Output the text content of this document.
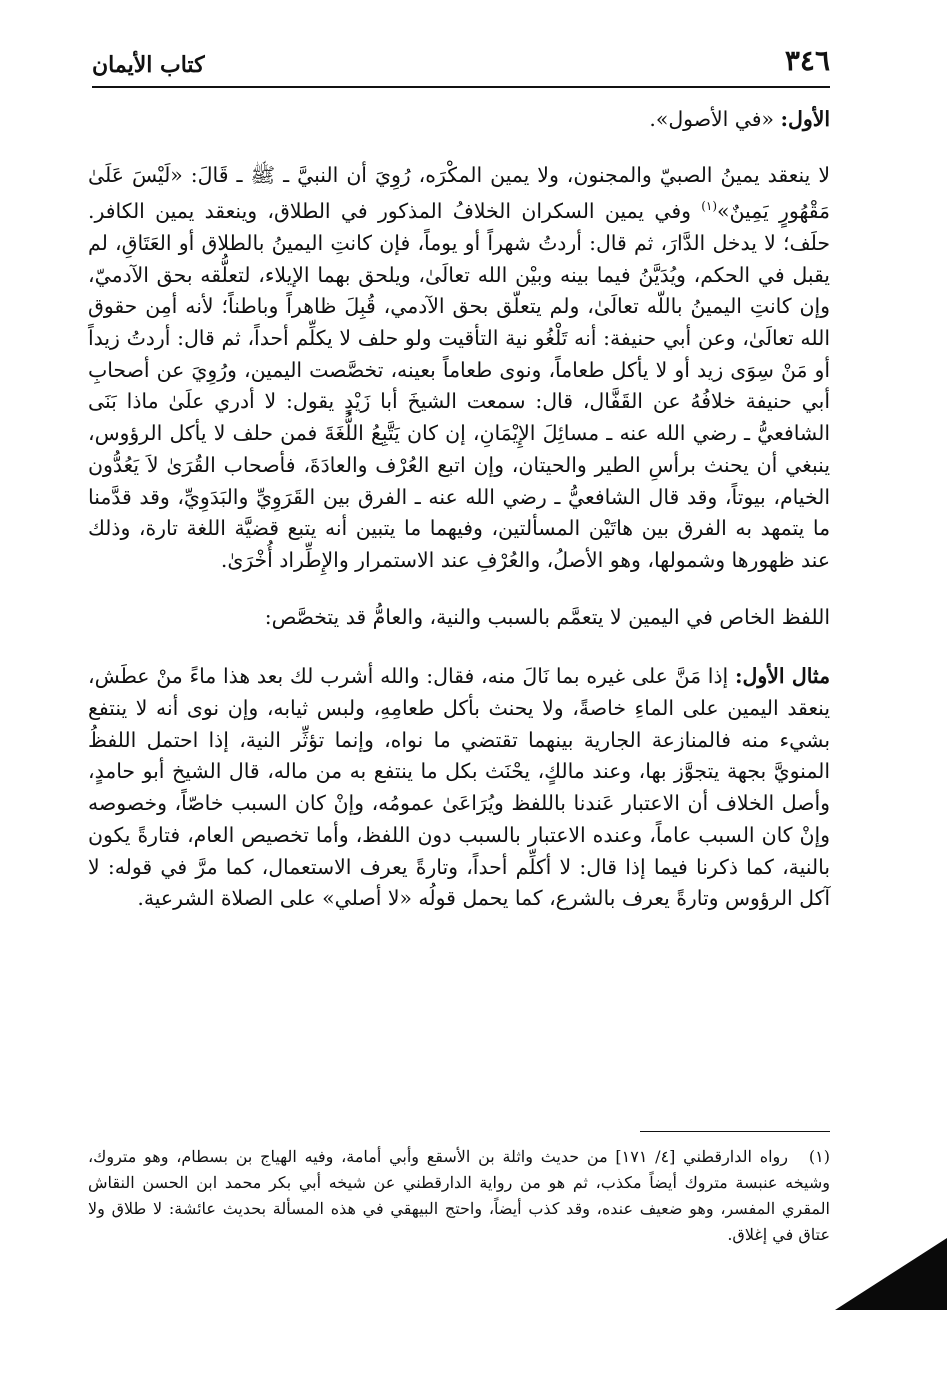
٣٤٦
كتاب الأيمان
الأول: «في الأصول».

لا ينعقد يمينُ الصبيّ والمجنون، ولا يمين المكْرَه، رُوِيَ أن النبيَّ ـ ﷺ ـ قَالَ: «لَيْسَ عَلَىٰ مَقْهُورٍ يَمِينٌ»$^{(١)}$ وفي يمين السكران الخلافُ المذكور في الطلاق، وينعقد يمين الكافر. حلَف؛ لا يدخل الدَّارَ، ثم قال: أردتُ شهراً أو يوماً، فإن كانتِ اليمينُ بالطلاق أو العَتَاقِ، لم يقبل في الحكم، ويُدَيَّنُ فيما بينه وبيْن الله تعالَىٰ، ويلحق بهما الإيلاء، لتعلُّقه بحق الآدميّ، وإن كانتِ اليمينُ باللّه تعالَىٰ، ولم يتعلّق بحق الآدمي، قُبِلَ ظاهراً وباطناً؛ لأنه أمِن حقوق الله تعالَىٰ، وعن أبي حنيفة: أنه تَلْغُو نية التأقيت ولو حلف لا يكلِّم أحداً، ثم قال: أردتُ زيداً أو مَنْ سِوَى زيد أو لا يأكل طعاماً، ونوى طعاماً بعينه، تخصَّصت اليمين، ورُوِيَ عن أصحابِ أبي حنيفة خلافُهُ عن القَفَّال، قال: سمعت الشيخَ أبا زَيْدٍ يقول: لا أدري علَىٰ ماذا بَنَى الشافعيُّ ـ رضي الله عنه ـ مسائِلَ الإِيْمَانِ، إن كان يَتَّبِعُ اللُّغَةَ فمن حلف لا يأكل الرؤوس، ينبغي أن يحنث برأسِ الطير والحيتان، وإن اتبع العُرْف والعادَةَ، فأصحاب القُرَىٰ لاَ يَعُدُّون الخيام، بيوتاً، وقد قال الشافعيُّ ـ رضي الله عنه ـ الفرق بين القَرَوِيِّ والبَدَوِيِّ، وقد قدَّمنا ما يتمهد به الفرق بين هاتَيْن المسألتين، وفيهما ما يتبين أنه يتبع قضيَّة اللغة تارة، وذلك عند ظهورها وشمولها، وهو الأصلُ، والعُرْفِ عند الاستمرار والإِطِّراد أُخْرَىٰ.

اللفظ الخاص في اليمين لا يتعمَّم بالسبب والنية، والعامُّ قد يتخصَّص:

مثال الأول: إذا مَنَّ على غيره بما نَالَ منه، فقال: والله أشرب لك بعد هذا ماءً منْ عطَش، ينعقد اليمين على الماءِ خاصةً، ولا يحنث بأكل طعامِهِ، ولبس ثيابه، وإن نوى أنه لا ينتفع بشيء منه فالمنازعة الجارية بينهما تقتضي ما نواه، وإنما تؤثِّر النية، إذا احتمل اللفظُ المنويَّ بجهة يتجوَّز بها، وعند مالكٍ، يحْنَث بكل ما ينتفع به من ماله، قال الشيخ أبو حامدٍ، وأصل الخلاف أن الاعتبار عَندنا باللفظ ويُرَاعَىٰ عمومُه، وإنْ كان السبب خاصّاً، وخصوصه وإنْ كان السبب عاماً، وعنده الاعتبار بالسبب دون اللفظ، وأما تخصيص العام، فتارةً يكون بالنية، كما ذكرنا فيما إذا قال: لا أكلِّم أحداً، وتارةً يعرف الاستعمال، كما مرَّ في قوله: لا آكل الرؤوس وتارةً يعرف بالشرع، كما يحمل قولُه «لا أصلي» على الصلاة الشرعية.

(١)رواه الدارقطني [٤/ ١٧١] من حديث واثلة بن الأسقع وأبي أمامة، وفيه الهياج بن بسطام، وهو متروك، وشيخه عنبسة متروك أيضاً مكذب، ثم هو من رواية الدارقطني عن شيخه أبي بكر محمد ابن الحسن النقاش المقري المفسر، وهو ضعيف عنده، وقد كذب أيضاً، واحتج البيهقي في هذه المسألة بحديث عائشة: لا طلاق ولا عتاق في إغلاق.
